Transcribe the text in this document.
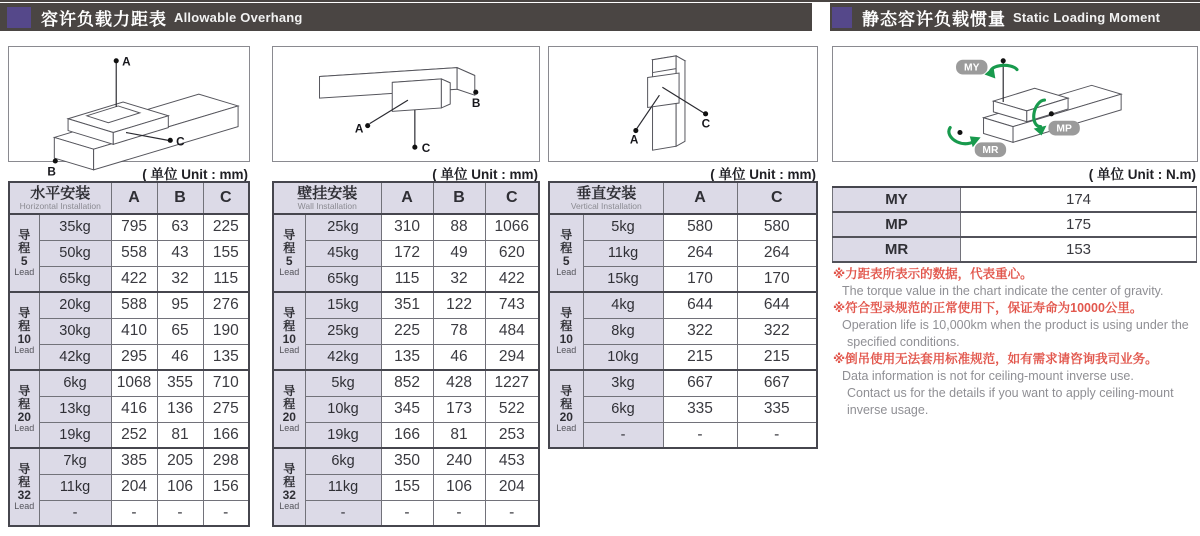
容许负载力距表 Allowable Overhang	静态容许负载惯量 Static Loading Moment
A
C
B	( 单位 Unit : mm)
水平安装
Horizontal Installation		A	B	C

导
程
5
Lead	35kg	795	63	225
	50kg	558	43	155
	65kg	422	32	115

导
程
10
Lead	20kg	588	95	276
	30kg	410	65	190
	42kg	295	46	135

导
程
20
Lead	6kg	1068	355	710
	13kg	416	136	275
	19kg	252	81	166

导
程
32
Lead	7kg	385	205	298
	11kg	204	106	156
	-	-	-	-
A
C
B
( 单位 Unit : mm)
壁挂安装
Wall Installation		A	B	C

导
程
5
Lead	25kg	310	88	1066
	45kg	172	49	620
	65kg	115	32	422

导
程
10
Lead	15kg	351	122	743
	25kg	225	78	484
	42kg	135	46	294

导
程
20
Lead	5kg	852	428	1227
	10kg	345	173	522
	19kg	166	81	253

导
程
32
Lead	6kg	350	240	453
	11kg	155	106	204
	-	-	-	-
A
C
( 单位 Unit : mm)
垂直安装
Vertical Installation		A	C

导
程
5
Lead	5kg	580	580
	11kg	264	264
	15kg	170	170

导
程
10
Lead	4kg	644	644
	8kg	322	322
	10kg	215	215

导
程
20
Lead	3kg	667	667
	6kg	335	335
	-	-	-
MY
MP
MR
( 单位 Unit : N.m)
MY	174
MP	175
MR	153
※力距表所表示的数据，代表重心。
The torque value in the chart indicate the center of gravity.
※符合型录规范的正常使用下，保证寿命为10000公里。
Operation life is 10,000km when the product is using under the
specified conditions.
※倒吊使用无法套用标准规范，如有需求请咨询我司业务。
Data information is not for ceiling-mount inverse use.
Contact us for the details if you want to apply ceiling-mount
inverse usage.
